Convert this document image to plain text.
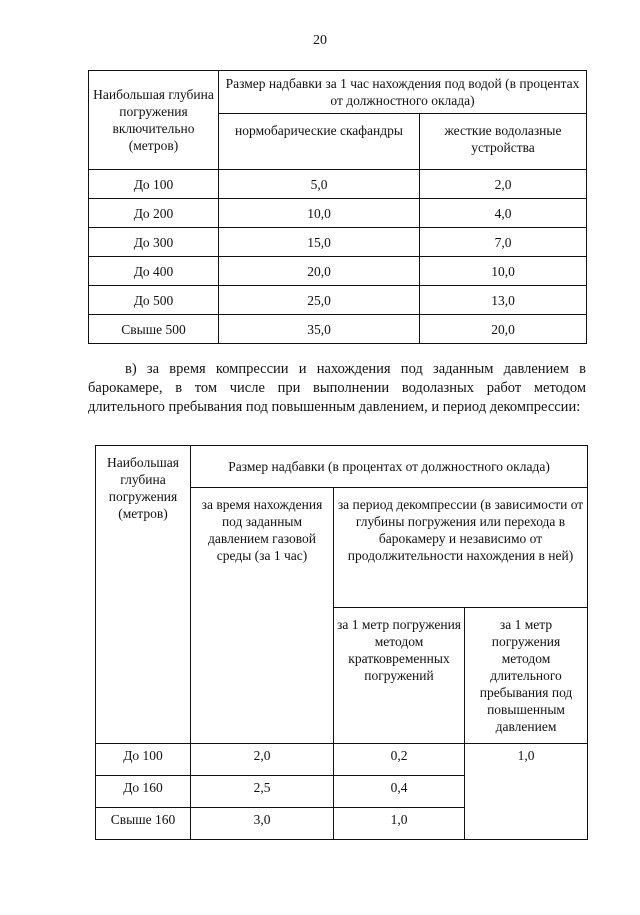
20
Наибольшая глубина погружения включительно (метров)	Размер надбавки за 1 час нахождения под водой (в процентах от должностного оклада)	
	нормобарические скафандры	жесткие водолазные устройства
До 100	5,0	2,0
До 200	10,0	4,0
До 300	15,0	7,0
До 400	20,0	10,0
До 500	25,0	13,0
Свыше 500	35,0	20,0
в) за время компрессии и нахождения под заданным давлением в барокамере, в том числе при выполнении водолазных работ методом длительного пребывания под повышенным давлением, и период декомпрессии:
Наибольшая глубина погружения (метров)	Размер надбавки (в процентах от должностного оклада)		
	за время нахождения под заданным давлением газовой среды (за 1 час)	за период декомпрессии (в зависимости от глубины погружения или перехода в барокамеру и независимо от продолжительности нахождения в ней)	
		за 1 метр погружения методом кратковременных погружений	за 1 метр погружения методом длительного пребывания под повышенным давлением
До 100	2,0	0,2	1,0
До 160	2,5	0,4	
Свыше 160	3,0	1,0	
